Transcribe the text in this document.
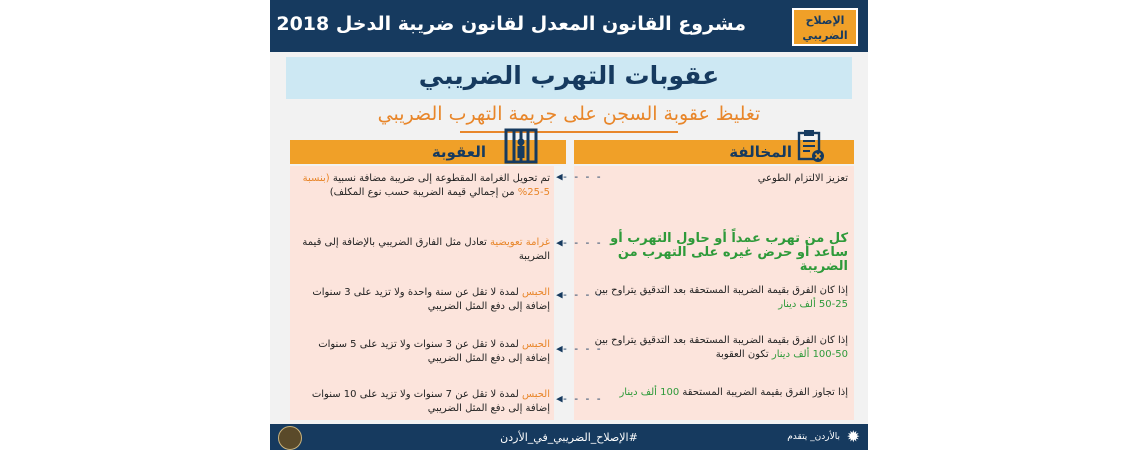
مشروع القانون المعدل لقانون ضريبة الدخل 2018	الإصلاح
الضريبي
عقوبات التهرب الضريبي
تغليظ عقوبة السجن على جريمة التهرب الضريبي
المخالفة
العقوبة
تعزيز الالتزام الطوعي
◀- - - -
تم تحويل الغرامة المقطوعة إلى ضريبة مضافة نسبية (بنسبة 5-25% من إجمالي قيمة الضريبة حسب نوع المكلف)
كل من تهرب عمداً أو حاول التهرب أو ساعد أو حرض غيره على التهرب من الضريبة
◀- - - -
غرامة تعويضية تعادل مثل الفارق الضريبي بالإضافة إلى قيمة الضريبة
إذا كان الفرق بقيمة الضريبة المستحقة بعد التدقيق يتراوح بين 25-50 ألف دينار
◀- - - -
الحبس لمدة لا تقل عن سنة واحدة ولا تزيد على 3 سنوات إضافة إلى دفع المثل الضريبي
إذا كان الفرق بقيمة الضريبة المستحقة بعد التدقيق يتراوح بين 50-100 ألف دينار تكون العقوبة
◀- - - -
الحبس لمدة لا تقل عن 3 سنوات ولا تزيد على 5 سنوات إضافة إلى دفع المثل الضريبي
إذا تجاوز الفرق بقيمة الضريبة المستحقة 100 ألف دينار
◀- - - -
الحبس لمدة لا تقل عن 7 سنوات ولا تزيد على 10 سنوات إضافة إلى دفع المثل الضريبي
#الإصلاح_الضريبي_في_الأردن	بالأردن_ يتقدم ✹
